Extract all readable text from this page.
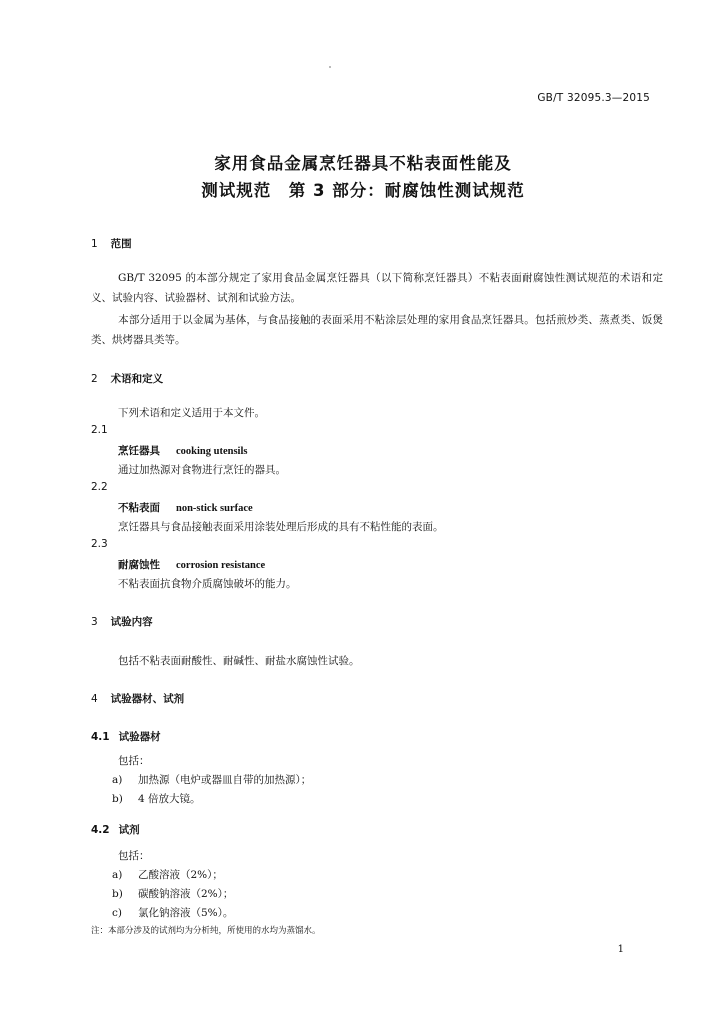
GB/T 32095.3—2015
家用食品金属烹饪器具不粘表面性能及
测试规范　第 3 部分：耐腐蚀性测试规范
1 范围
GB/T 32095 的本部分规定了家用食品金属烹饪器具（以下简称烹饪器具）不粘表面耐腐蚀性测试规范的术语和定义、试验内容、试验器材、试剂和试验方法。
本部分适用于以金属为基体，与食品接触的表面采用不粘涂层处理的家用食品烹饪器具。包括煎炒类、蒸煮类、饭煲类、烘烤器具类等。
2 术语和定义
下列术语和定义适用于本文件。
2.1
烹饪器具 cooking utensils
通过加热源对食物进行烹饪的器具。
2.2
不粘表面 non-stick surface
烹饪器具与食品接触表面采用涂装处理后形成的具有不粘性能的表面。
2.3
耐腐蚀性 corrosion resistance
不粘表面抗食物介质腐蚀破坏的能力。
3 试验内容
包括不粘表面耐酸性、耐碱性、耐盐水腐蚀性试验。
4 试验器材、试剂
4.1 试验器材
包括：
a) 加热源（电炉或器皿自带的加热源）；
b) 4 倍放大镜。
4.2 试剂
包括：
a) 乙酸溶液（2%）；
b) 碳酸钠溶液（2%）；
c) 氯化钠溶液（5%）。
注：本部分涉及的试剂均为分析纯，所使用的水均为蒸馏水。
1
